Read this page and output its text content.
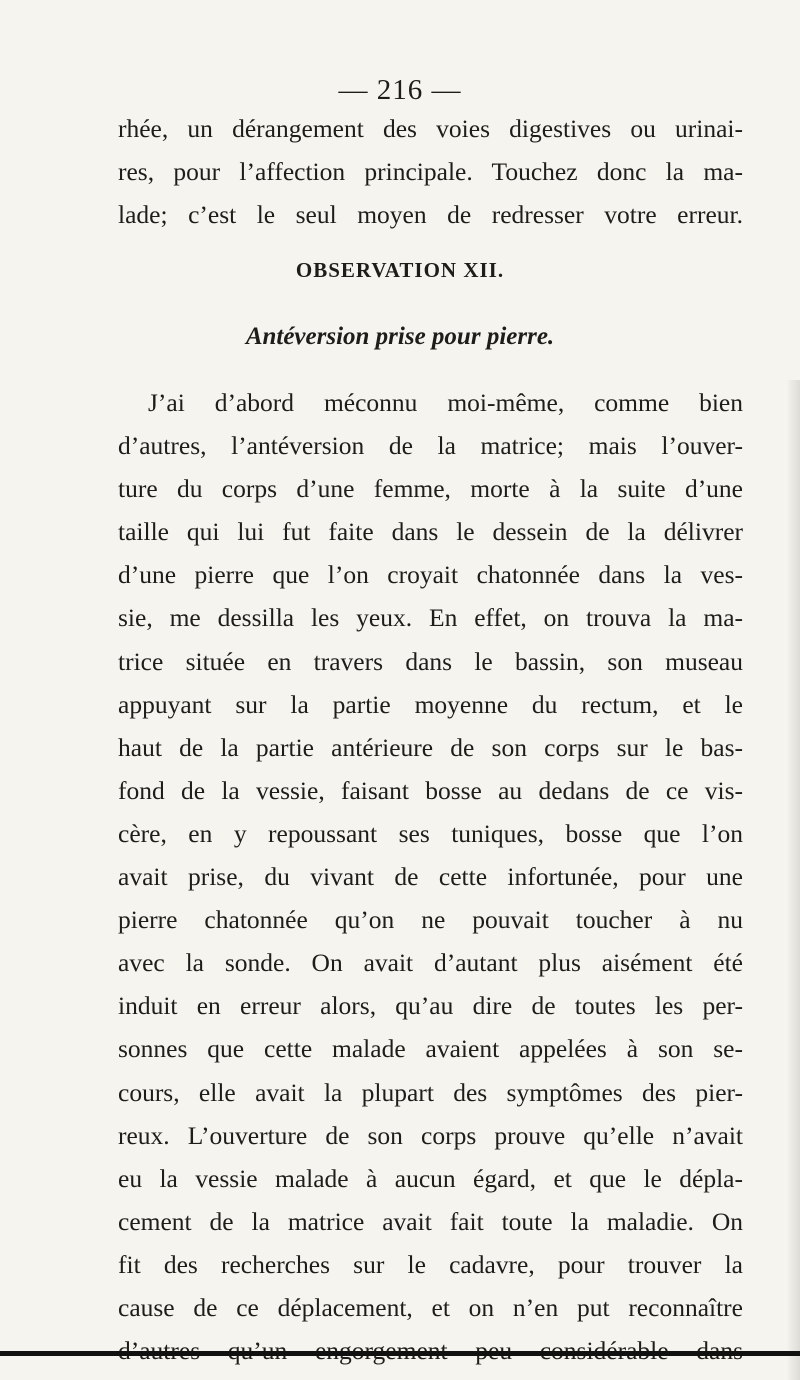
— 216 —
rhée, un dérangement des voies digestives ou urinai-
res, pour l’affection principale. Touchez donc la ma-
lade; c’est le seul moyen de redresser votre erreur.
OBSERVATION XII.
Antéversion prise pour pierre.
J’ai d’abord méconnu moi-même, comme bien
d’autres, l’antéversion de la matrice; mais l’ouver-
ture du corps d’une femme, morte à la suite d’une
taille qui lui fut faite dans le dessein de la délivrer
d’une pierre que l’on croyait chatonnée dans la ves-
sie, me dessilla les yeux. En effet, on trouva la ma-
trice située en travers dans le bassin, son museau
appuyant sur la partie moyenne du rectum, et le
haut de la partie antérieure de son corps sur le bas-
fond de la vessie, faisant bosse au dedans de ce vis-
cère, en y repoussant ses tuniques, bosse que l’on
avait prise, du vivant de cette infortunée, pour une
pierre chatonnée qu’on ne pouvait toucher à nu
avec la sonde. On avait d’autant plus aisément été
induit en erreur alors, qu’au dire de toutes les per-
sonnes que cette malade avaient appelées à son se-
cours, elle avait la plupart des symptômes des pier-
reux. L’ouverture de son corps prouve qu’elle n’avait
eu la vessie malade à aucun égard, et que le dépla-
cement de la matrice avait fait toute la maladie. On
fit des recherches sur le cadavre, pour trouver la
cause de ce déplacement, et on n’en put reconnaître
